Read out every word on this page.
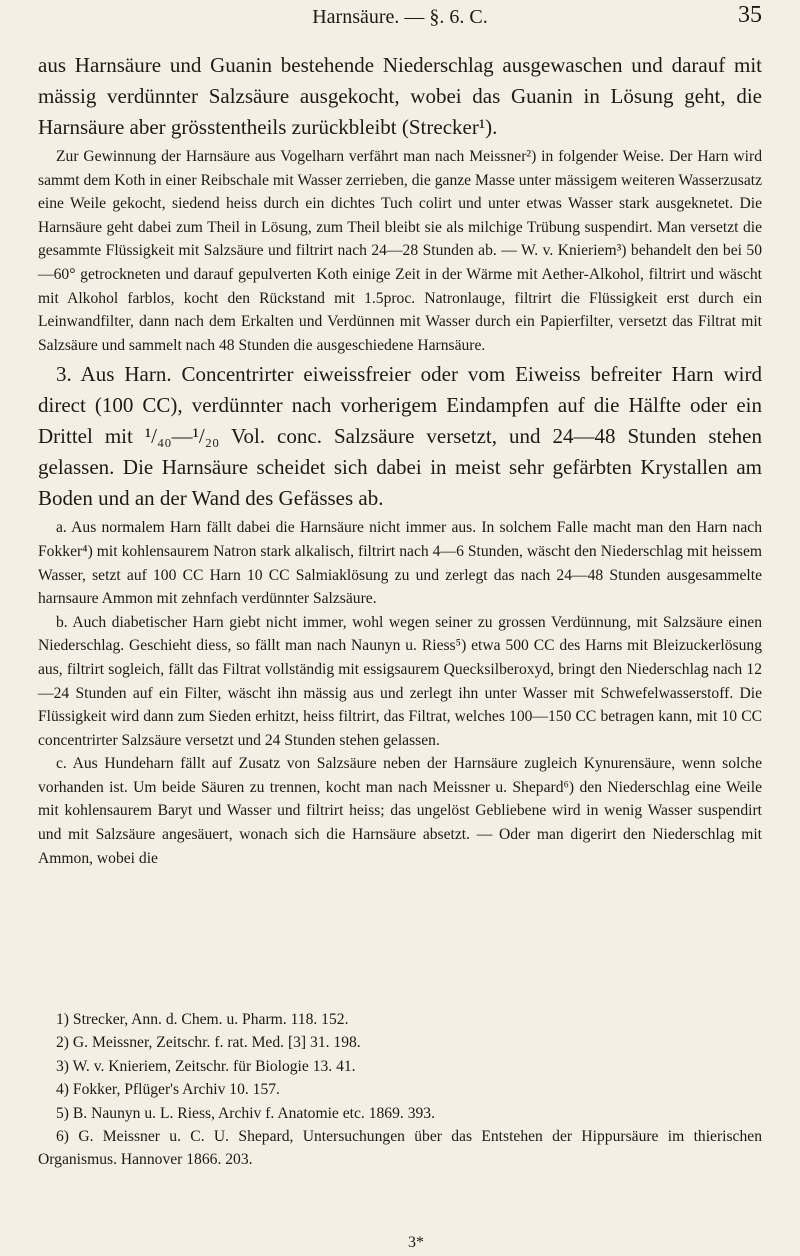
Harnsäure. — §. 6. C.	35

aus Harnsäure und Guanin bestehende Niederschlag ausgewaschen und darauf mit mässig verdünnter Salzsäure ausgekocht, wobei das Guanin in Lösung geht, die Harnsäure aber grösstentheils zurückbleibt (Strecker¹).

Zur Gewinnung der Harnsäure aus Vogelharn verfährt man nach Meissner²) in folgender Weise. Der Harn wird sammt dem Koth in einer Reibschale mit Wasser zerrieben, die ganze Masse unter mässigem weiteren Wasserzusatz eine Weile gekocht, siedend heiss durch ein dichtes Tuch colirt und unter etwas Wasser stark ausgeknetet. Die Harnsäure geht dabei zum Theil in Lösung, zum Theil bleibt sie als milchige Trübung suspendirt. Man versetzt die gesammte Flüssigkeit mit Salzsäure und filtrirt nach 24—28 Stunden ab. — W. v. Knieriem³) behandelt den bei 50—60° getrockneten und darauf gepulverten Koth einige Zeit in der Wärme mit Aether-Alkohol, filtrirt und wäscht mit Alkohol farblos, kocht den Rückstand mit 1.5proc. Natronlauge, filtrirt die Flüssigkeit erst durch ein Leinwandfilter, dann nach dem Erkalten und Verdünnen mit Wasser durch ein Papierfilter, versetzt das Filtrat mit Salzsäure und sammelt nach 48 Stunden die ausgeschiedene Harnsäure.

3. Aus Harn. Concentrirter eiweissfreier oder vom Eiweiss befreiter Harn wird direct (100 CC), verdünnter nach vorherigem Eindampfen auf die Hälfte oder ein Drittel mit ¹/₄₀—¹/₂₀ Vol. conc. Salzsäure versetzt, und 24—48 Stunden stehen gelassen. Die Harnsäure scheidet sich dabei in meist sehr gefärbten Krystallen am Boden und an der Wand des Gefässes ab.

a. Aus normalem Harn fällt dabei die Harnsäure nicht immer aus. In solchem Falle macht man den Harn nach Fokker⁴) mit kohlensaurem Natron stark alkalisch, filtrirt nach 4—6 Stunden, wäscht den Niederschlag mit heissem Wasser, setzt auf 100 CC Harn 10 CC Salmiaklösung zu und zerlegt das nach 24—48 Stunden ausgesammelte harnsaure Ammon mit zehnfach verdünnter Salzsäure.

b. Auch diabetischer Harn giebt nicht immer, wohl wegen seiner zu grossen Verdünnung, mit Salzsäure einen Niederschlag. Geschieht diess, so fällt man nach Naunyn u. Riess⁵) etwa 500 CC des Harns mit Bleizuckerlösung aus, filtrirt sogleich, fällt das Filtrat vollständig mit essigsaurem Quecksilberoxyd, bringt den Niederschlag nach 12—24 Stunden auf ein Filter, wäscht ihn mässig aus und zerlegt ihn unter Wasser mit Schwefelwasserstoff. Die Flüssigkeit wird dann zum Sieden erhitzt, heiss filtrirt, das Filtrat, welches 100—150 CC betragen kann, mit 10 CC concentrirter Salzsäure versetzt und 24 Stunden stehen gelassen.

c. Aus Hundeharn fällt auf Zusatz von Salzsäure neben der Harnsäure zugleich Kynurensäure, wenn solche vorhanden ist. Um beide Säuren zu trennen, kocht man nach Meissner u. Shepard⁶) den Niederschlag eine Weile mit kohlensaurem Baryt und Wasser und filtrirt heiss; das ungelöst Gebliebene wird in wenig Wasser suspendirt und mit Salzsäure angesäuert, wonach sich die Harnsäure absetzt. — Oder man digerirt den Niederschlag mit Ammon, wobei die

1) Strecker, Ann. d. Chem. u. Pharm. 118. 152.

2) G. Meissner, Zeitschr. f. rat. Med. [3] 31. 198.

3) W. v. Knieriem, Zeitschr. für Biologie 13. 41.

4) Fokker, Pflüger's Archiv 10. 157.

5) B. Naunyn u. L. Riess, Archiv f. Anatomie etc. 1869. 393.

6) G. Meissner u. C. U. Shepard, Untersuchungen über das Entstehen der Hippursäure im thierischen Organismus. Hannover 1866. 203.

3*
